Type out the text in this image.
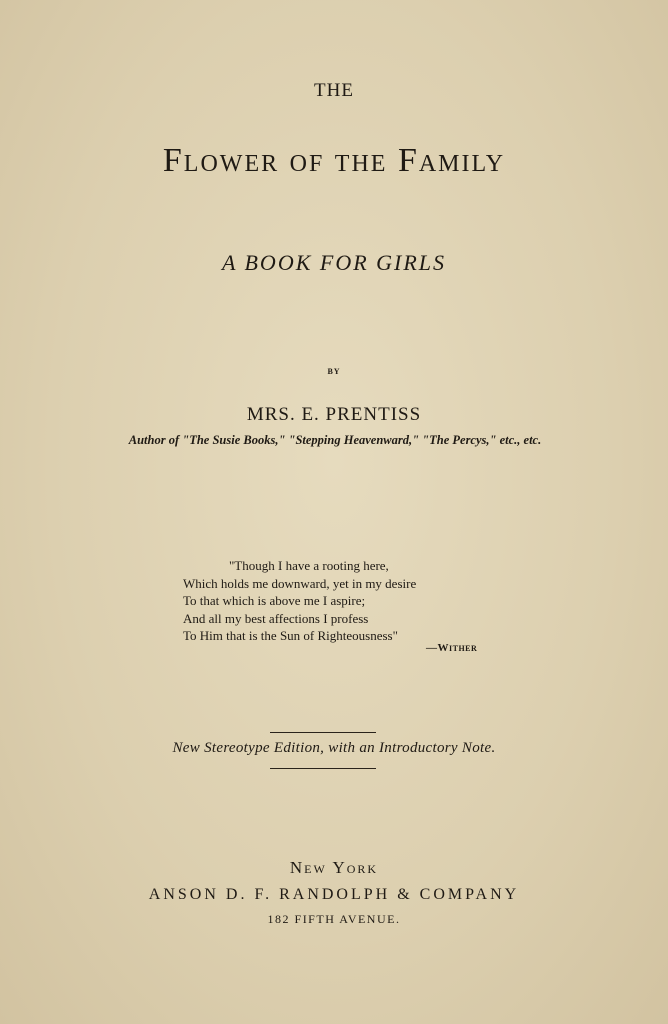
THE
Flower of the Family
A BOOK FOR GIRLS
BY
MRS. E. PRENTISS
Author of "The Susie Books," "Stepping Heavenward," "The Percys," etc., etc.
"Though I have a rooting here,
Which holds me downward, yet in my desire
To that which is above me I aspire;
And all my best affections I profess
To Him that is the Sun of Righteousness"
—Wither
New Stereotype Edition, with an Introductory Note.
New York
ANSON D. F. RANDOLPH & COMPANY
182 FIFTH AVENUE.
